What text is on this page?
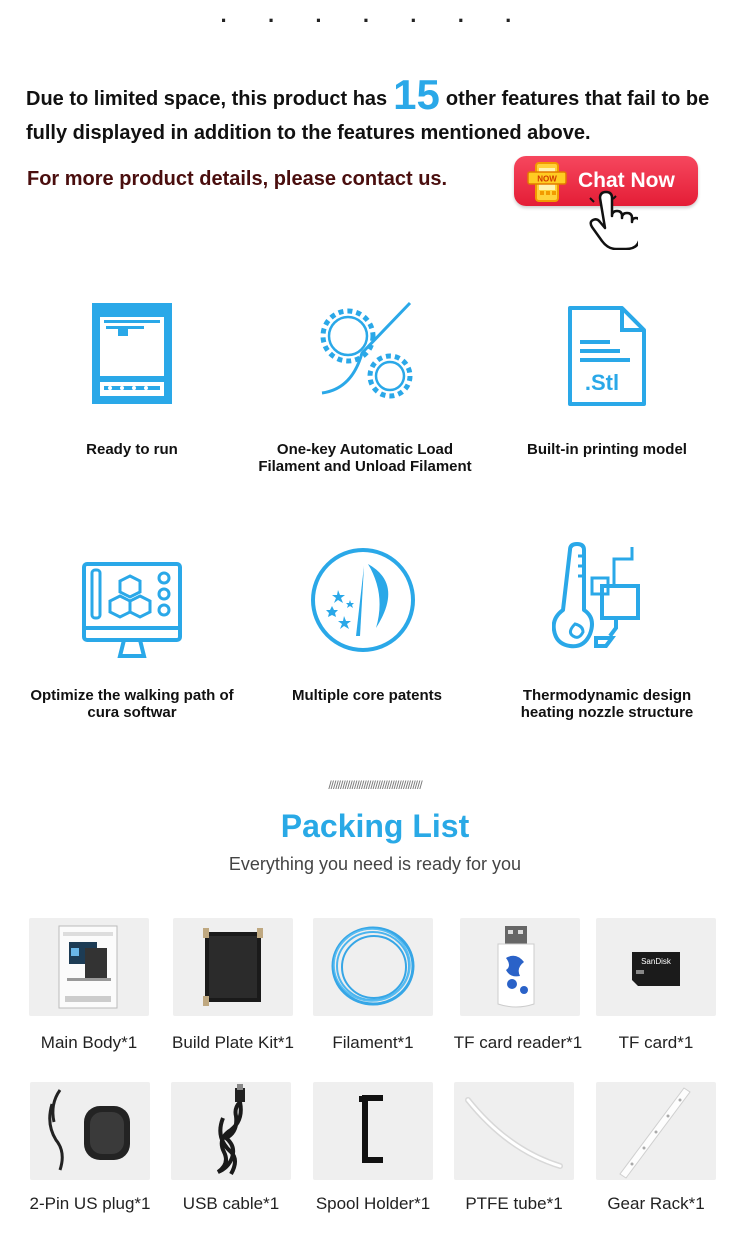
· · · · · · ·

Due to limited space, this product has 15 other features that fail to be fully displayed in addition to the features mentioned above.

For more product details, please contact us.	NOW Chat Now
Ready to run	One-key Automatic Load Filament and Unload Filament
.Stl
Built-in printing model
Optimize the walking path of cura softwar
Multiple core patents	Thermodynamic design heating nozzle structure
////////////////////////////////////////
Packing List
Everything you need is ready for you
Main Body*1	Build Plate Kit*1	Filament*1	TF card reader*1
SanDisk
TF card*1
2-Pin US plug*1	USB cable*1	Spool Holder*1	PTFE tube*1	Gear Rack*1
